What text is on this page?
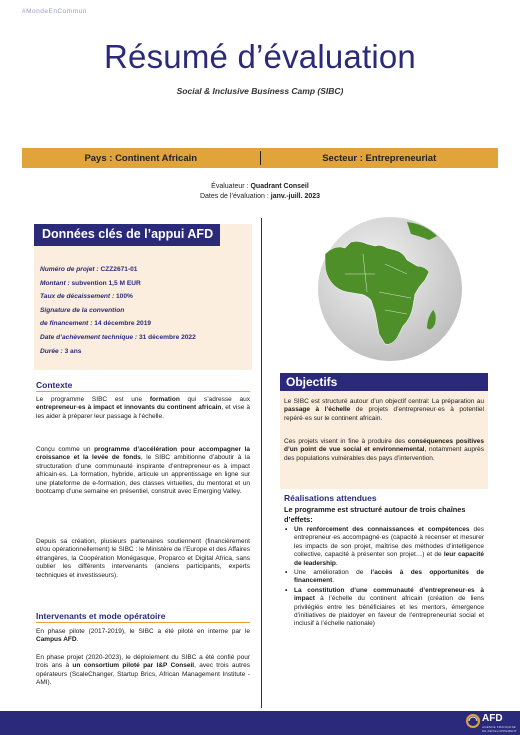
Résumé d’évaluation
Social & Inclusive Business Camp (SIBC)
Pays : Continent Africain	Secteur : Entrepreneuriat
Évaluateur : Quadrant Conseil
Dates de l’évaluation : janv.-juill. 2023
Données clés de l’appui AFD
Numéro de projet : CZZ2671-01
Montant : subvention 1,5 M EUR
Taux de décaissement : 100%
Signature de la convention
de financement : 14 décembre 2019
Date d’achèvement technique : 31 décembre 2022
Durée : 3 ans
Contexte
Le programme SIBC est une formation qui s’adresse aux entrepreneur·es à impact et innovants du continent africain, et vise à les aider à préparer leur passage à l’échelle.
Conçu comme un programme d’accélération pour accompagner la croissance et la levée de fonds, le SIBC ambitionne d’aboutir à la structuration d’une communauté inspirante d’entrepreneur·es à impact africain·es. La formation, hybride, articule un apprentissage en ligne sur une plateforme de e-formation, des classes virtuelles, du mentorat et un bootcamp d’une semaine en présentiel, construit avec Emerging Valley.
Depuis sa création, plusieurs partenaires soutiennent (financièrement et/ou opérationnellement) le SIBC : le Ministère de l’Europe et des Affaires étrangères, la Coopération Monégasque, Proparco et Digital Africa, sans oublier les différents intervenants (anciens participants, experts techniques et investisseurs).
Intervenants et mode opératoire
En phase pilote (2017-2019), le SIBC a été piloté en interne par le Campus AFD.
En phase projet (2020-2023), le déploiement du SIBC a été confié pour trois ans à un consortium piloté par I&P Conseil, avec trois autres opérateurs (ScaleChanger, Startup Brics, African Management Institute - AMI).
Objectifs
Le SIBC est structuré autour d’un objectif central: La préparation au passage à l’échelle de projets d’entrepreneur·es à potentiel repéré·es sur le continent africain.
Ces projets visent in fine à produire des conséquences positives d’un point de vue social et environnemental, notamment auprès des populations vulnérables des pays d’intervention.
Réalisations attendues
Le programme est structuré autour de trois chaînes d’effets:
• Un renforcement des connaissances et compétences des entrepreneur·es accompagné·es (capacité à recenser et mesurer les impacts de son projet, maîtrise des méthodes d’intelligence collective, capacité à présenter son projet…) et de leur capacité de leadership.
• Une amélioration de l’accès à des opportunités de financement.
• La constitution d’une communauté d’entrepreneur·es à impact à l’échelle du continent africain (création de liens privilégiés entre les bénéficiaires et les mentors, émergence d’initiatives de plaidoyer en faveur de l’entrepreneuriat social et inclusif à l’échelle nationale)
#MondeEnCommun
AFD
AGENCE FRANÇAISE DE DÉVELOPPEMENT
